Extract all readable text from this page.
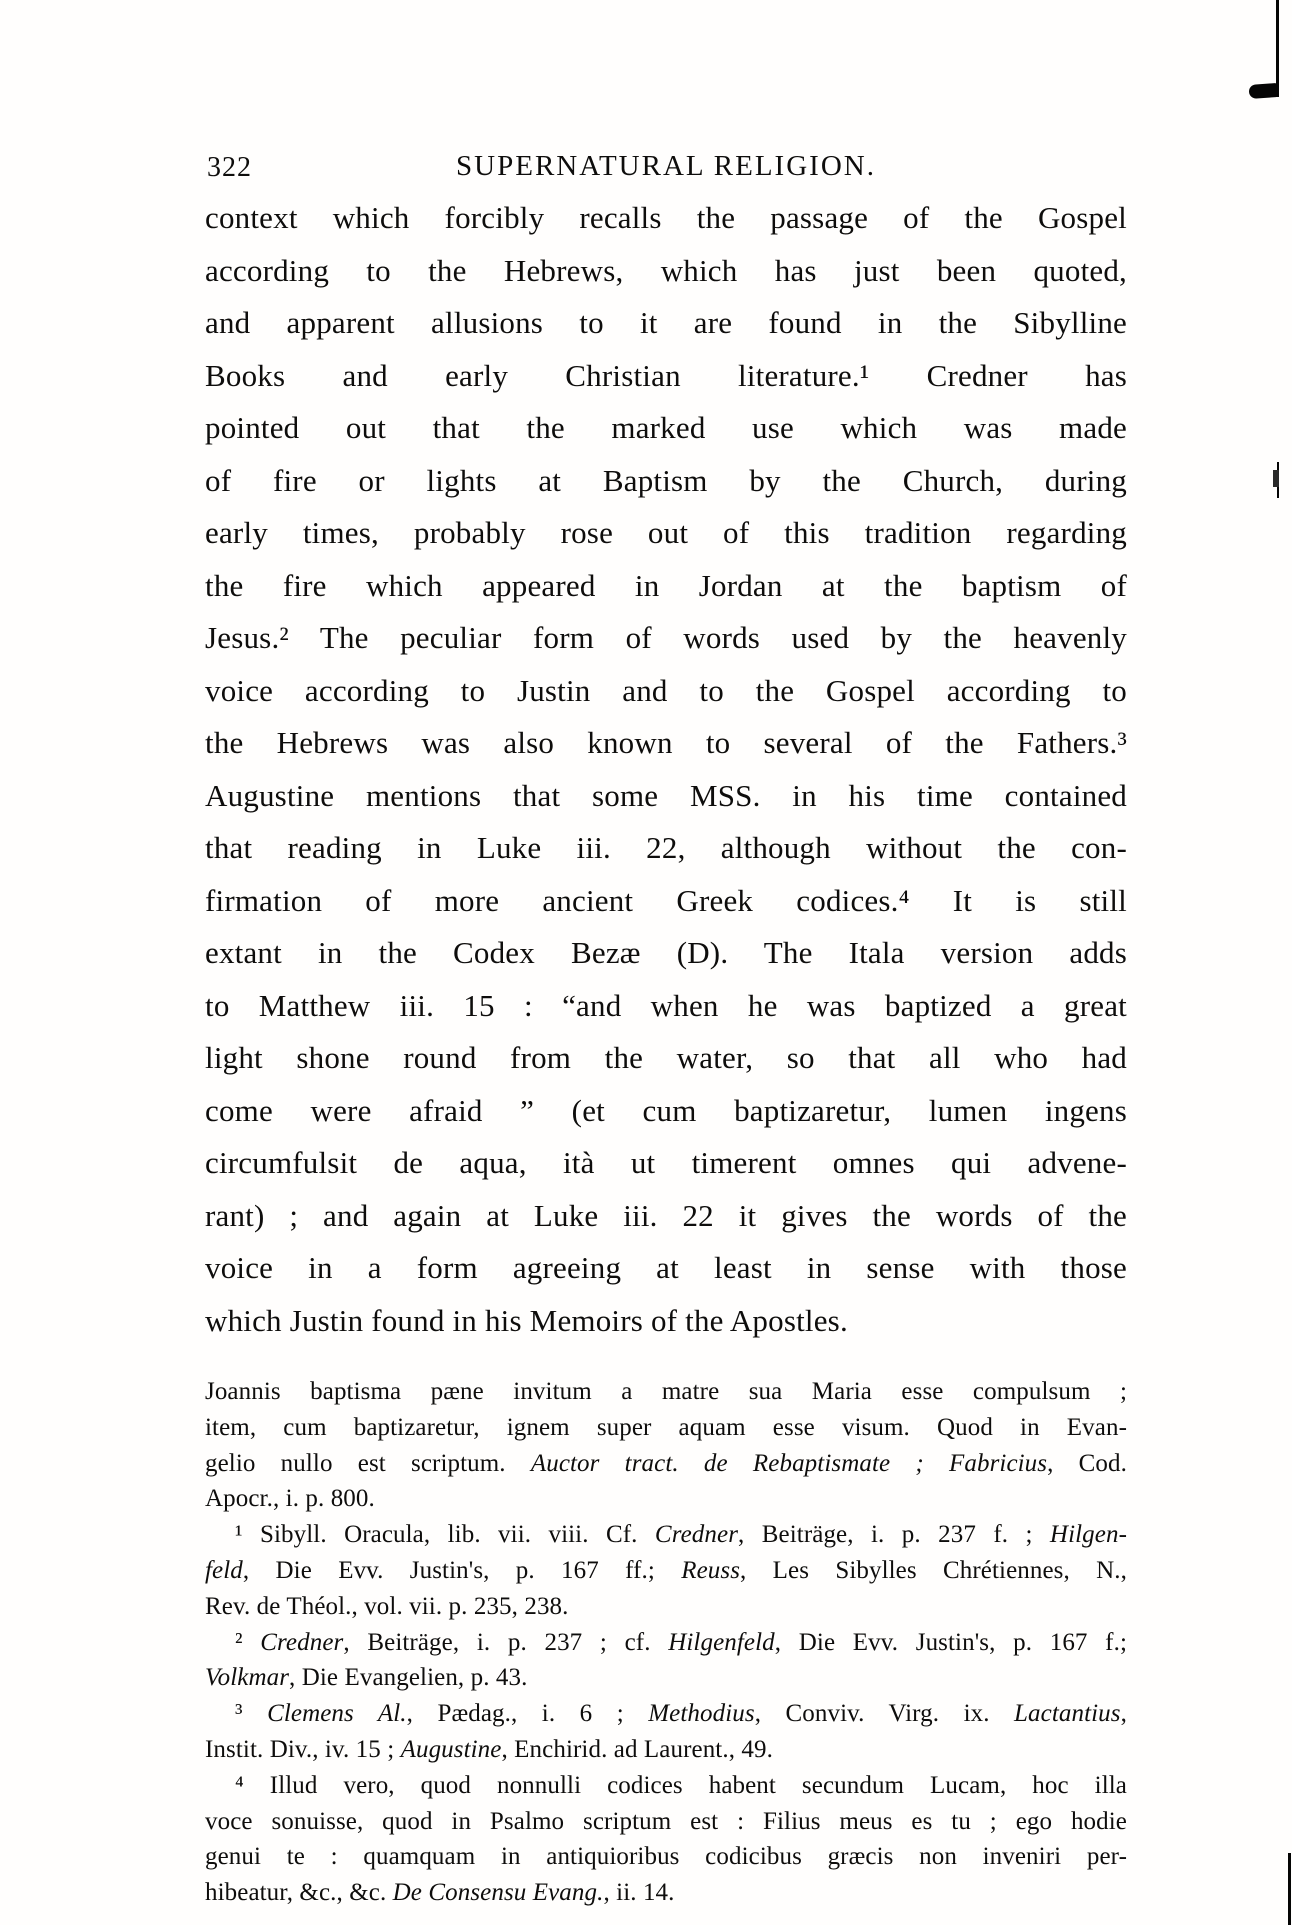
322	SUPERNATURAL RELIGION.
context which forcibly recalls the passage of the Gospel
according to the Hebrews, which has just been quoted,
and apparent allusions to it are found in the Sibylline
Books and early Christian literature.¹ Credner has
pointed out that the marked use which was made
of fire or lights at Baptism by the Church, during
early times, probably rose out of this tradition regarding
the fire which appeared in Jordan at the baptism of
Jesus.² The peculiar form of words used by the heavenly
voice according to Justin and to the Gospel according to
the Hebrews was also known to several of the Fathers.³
Augustine mentions that some MSS. in his time contained
that reading in Luke iii. 22, although without the con-
firmation of more ancient Greek codices.⁴ It is still
extant in the Codex Bezæ (D). The Itala version adds
to Matthew iii. 15 : “and when he was baptized a great
light shone round from the water, so that all who had
come were afraid ” (et cum baptizaretur, lumen ingens
circumfulsit de aqua, ità ut timerent omnes qui advene-
rant) ; and again at Luke iii. 22 it gives the words of the
voice in a form agreeing at least in sense with those
which Justin found in his Memoirs of the Apostles.
Joannis baptisma pæne invitum a matre sua Maria esse compulsum ;
item, cum baptizaretur, ignem super aquam esse visum. Quod in Evan-
gelio nullo est scriptum. Auctor tract. de Rebaptismate ; Fabricius, Cod.
Apocr., i. p. 800.
¹ Sibyll. Oracula, lib. vii. viii. Cf. Credner, Beiträge, i. p. 237 f. ; Hilgen-
feld, Die Evv. Justin's, p. 167 ff.; Reuss, Les Sibylles Chrétiennes, N.,
Rev. de Théol., vol. vii. p. 235, 238.
² Credner, Beiträge, i. p. 237 ; cf. Hilgenfeld, Die Evv. Justin's, p. 167 f.;
Volkmar, Die Evangelien, p. 43.
³ Clemens Al., Pædag., i. 6 ; Methodius, Conviv. Virg. ix. Lactantius,
Instit. Div., iv. 15 ; Augustine, Enchirid. ad Laurent., 49.
⁴ Illud vero, quod nonnulli codices habent secundum Lucam, hoc illa
voce sonuisse, quod in Psalmo scriptum est : Filius meus es tu ; ego hodie
genui te : quamquam in antiquioribus codicibus græcis non inveniri per-
hibeatur, &c., &c. De Consensu Evang., ii. 14.
